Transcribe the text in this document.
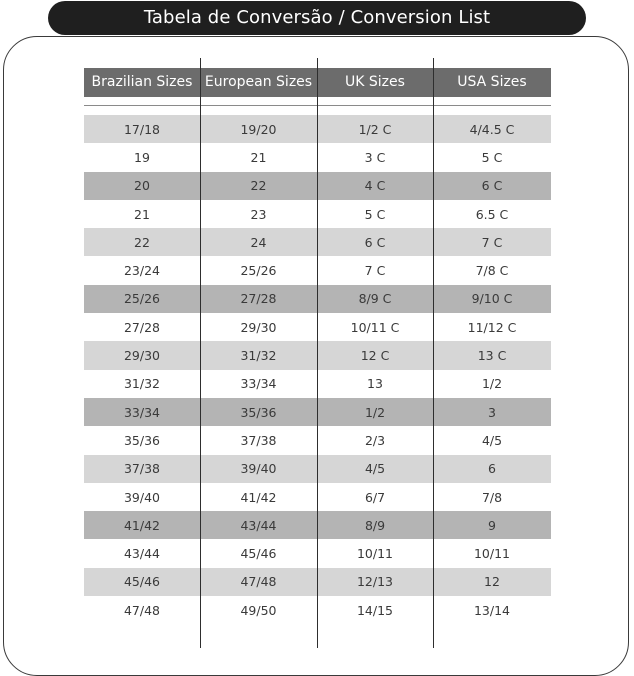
Tabela de Conversão / Conversion List
Brazilian Sizes European Sizes	UK Sizes	USA Sizes
17/18	19/20	1/2 C	4/4.5 C
19	21	3 C	5 C
20	22	4 C	6 C
21	23	5 C	6.5 C
22	24	6 C	7 C
23/24	25/26	7 C	7/8 C
25/26	27/28	8/9 C	9/10 C
27/28	29/30	10/11 C	11/12 C
29/30	31/32	12 C	13 C
31/32	33/34	13	1/2
33/34	35/36	1/2	3
35/36	37/38	2/3	4/5
37/38	39/40	4/5	6
39/40	41/42	6/7	7/8
41/42	43/44	8/9	9
43/44	45/46	10/11	10/11
45/46	47/48	12/13	12
47/48	49/50	14/15	13/14
